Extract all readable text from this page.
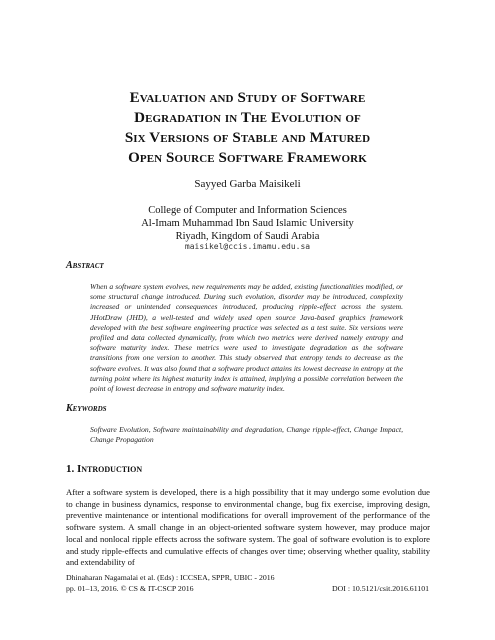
Evaluation and Study of Software
Degradation in The Evolution of
Six Versions of Stable and Matured
Open Source Software Framework
Sayyed Garba Maisikeli
College of Computer and Information Sciences
Al-Imam Muhammad Ibn Saud Islamic University
Riyadh, Kingdom of Saudi Arabia
maisikel@ccis.imamu.edu.sa
Abstract
When a software system evolves, new requirements may be added, existing functionalities modified, or some structural change introduced. During such evolution, disorder may be introduced, complexity increased or unintended consequences introduced, producing ripple-effect across the system. JHotDraw (JHD), a well-tested and widely used open source Java-based graphics framework developed with the best software engineering practice was selected as a test suite. Six versions were profiled and data collected dynamically, from which two metrics were derived namely entropy and software maturity index. These metrics were used to investigate degradation as the software transitions from one version to another. This study observed that entropy tends to decrease as the software evolves. It was also found that a software product attains its lowest decrease in entropy at the turning point where its highest maturity index is attained, implying a possible correlation between the point of lowest decrease in entropy and software maturity index.
Keywords
Software Evolution, Software maintainability and degradation, Change ripple-effect, Change Impact, Change Propagation
1. Introduction
After a software system is developed, there is a high possibility that it may undergo some evolution due to change in business dynamics, response to environmental change, bug fix exercise, improving design, preventive maintenance or intentional modifications for overall improvement of the performance of the software system. A small change in an object-oriented software system however, may produce major local and nonlocal ripple effects across the software system. The goal of software evolution is to explore and study ripple-effects and cumulative effects of changes over time; observing whether quality, stability and extendability of
Dhinaharan Nagamalai et al. (Eds) : ICCSEA, SPPR, UBIC - 2016
pp. 01–13, 2016. © CS & IT-CSCP 2016	DOI : 10.5121/csit.2016.61101
